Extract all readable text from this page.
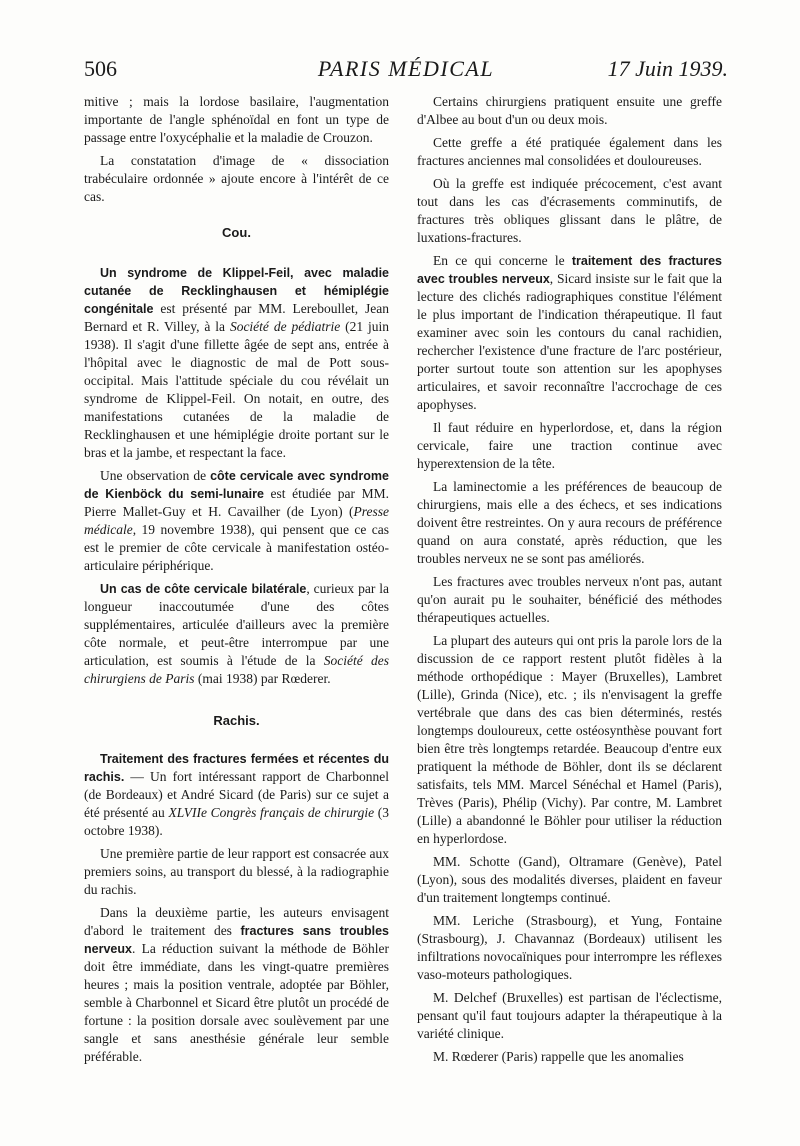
506	PARIS MÉDICAL	17 Juin 1939.

mitive ; mais la lordose basilaire, l'augmentation importante de l'angle sphénoïdal en font un type de passage entre l'oxycéphalie et la maladie de Crouzon.

La constatation d'image de « dissociation trabéculaire ordonnée » ajoute encore à l'intérêt de ce cas.

Cou.

Un syndrome de Klippel-Feil, avec maladie cutanée de Recklinghausen et hémiplégie congénitale est présenté par MM. Lereboullet, Jean Bernard et R. Villey, à la Société de pédiatrie (21 juin 1938). Il s'agit d'une fillette âgée de sept ans, entrée à l'hôpital avec le diagnostic de mal de Pott sous-occipital. Mais l'attitude spéciale du cou révélait un syndrome de Klippel-Feil. On notait, en outre, des manifestations cutanées de la maladie de Recklinghausen et une hémiplégie droite portant sur le bras et la jambe, et respectant la face.

Une observation de côte cervicale avec syndrome de Kienböck du semi-lunaire est étudiée par MM. Pierre Mallet-Guy et H. Cavailher (de Lyon) (Presse médicale, 19 novembre 1938), qui pensent que ce cas est le premier de côte cervicale à manifestation ostéo-articulaire périphérique.

Un cas de côte cervicale bilatérale, curieux par la longueur inaccoutumée d'une des côtes supplémentaires, articulée d'ailleurs avec la première côte normale, et peut-être interrompue par une articulation, est soumis à l'étude de la Société des chirurgiens de Paris (mai 1938) par Rœderer.

Rachis.

Traitement des fractures fermées et récentes du rachis. — Un fort intéressant rapport de Charbonnel (de Bordeaux) et André Sicard (de Paris) sur ce sujet a été présenté au XLVIIe Congrès français de chirurgie (3 octobre 1938).

Une première partie de leur rapport est consacrée aux premiers soins, au transport du blessé, à la radiographie du rachis.

Dans la deuxième partie, les auteurs envisagent d'abord le traitement des fractures sans troubles nerveux. La réduction suivant la méthode de Böhler doit être immédiate, dans les vingt-quatre premières heures ; mais la position ventrale, adoptée par Böhler, semble à Charbonnel et Sicard être plutôt un procédé de fortune : la position dorsale avec soulèvement par une sangle et sans anesthésie générale leur semble préférable.

Certains chirurgiens pratiquent ensuite une greffe d'Albee au bout d'un ou deux mois.

Cette greffe a été pratiquée également dans les fractures anciennes mal consolidées et douloureuses.

Où la greffe est indiquée précocement, c'est avant tout dans les cas d'écrasements comminutifs, de fractures très obliques glissant dans le plâtre, de luxations-fractures.

En ce qui concerne le traitement des fractures avec troubles nerveux, Sicard insiste sur le fait que la lecture des clichés radiographiques constitue l'élément le plus important de l'indication thérapeutique. Il faut examiner avec soin les contours du canal rachidien, rechercher l'existence d'une fracture de l'arc postérieur, porter surtout toute son attention sur les apophyses articulaires, et savoir reconnaître l'accrochage de ces apophyses.

Il faut réduire en hyperlordose, et, dans la région cervicale, faire une traction continue avec hyperextension de la tête.

La laminectomie a les préférences de beaucoup de chirurgiens, mais elle a des échecs, et ses indications doivent être restreintes. On y aura recours de préférence quand on aura constaté, après réduction, que les troubles nerveux ne se sont pas améliorés.

Les fractures avec troubles nerveux n'ont pas, autant qu'on aurait pu le souhaiter, bénéficié des méthodes thérapeutiques actuelles.

La plupart des auteurs qui ont pris la parole lors de la discussion de ce rapport restent plutôt fidèles à la méthode orthopédique : Mayer (Bruxelles), Lambret (Lille), Grinda (Nice), etc. ; ils n'envisagent la greffe vertébrale que dans des cas bien déterminés, restés longtemps douloureux, cette ostéosynthèse pouvant fort bien être très longtemps retardée. Beaucoup d'entre eux pratiquent la méthode de Böhler, dont ils se déclarent satisfaits, tels MM. Marcel Sénéchal et Hamel (Paris), Trèves (Paris), Phélip (Vichy). Par contre, M. Lambret (Lille) a abandonné le Böhler pour utiliser la réduction en hyperlordose.

MM. Schotte (Gand), Oltramare (Genève), Patel (Lyon), sous des modalités diverses, plaident en faveur d'un traitement longtemps continué.

MM. Leriche (Strasbourg), et Yung, Fontaine (Strasbourg), J. Chavannaz (Bordeaux) utilisent les infiltrations novocaïniques pour interrompre les réflexes vaso-moteurs pathologiques.

M. Delchef (Bruxelles) est partisan de l'éclectisme, pensant qu'il faut toujours adapter la thérapeutique à la variété clinique.

M. Rœderer (Paris) rappelle que les anomalies
